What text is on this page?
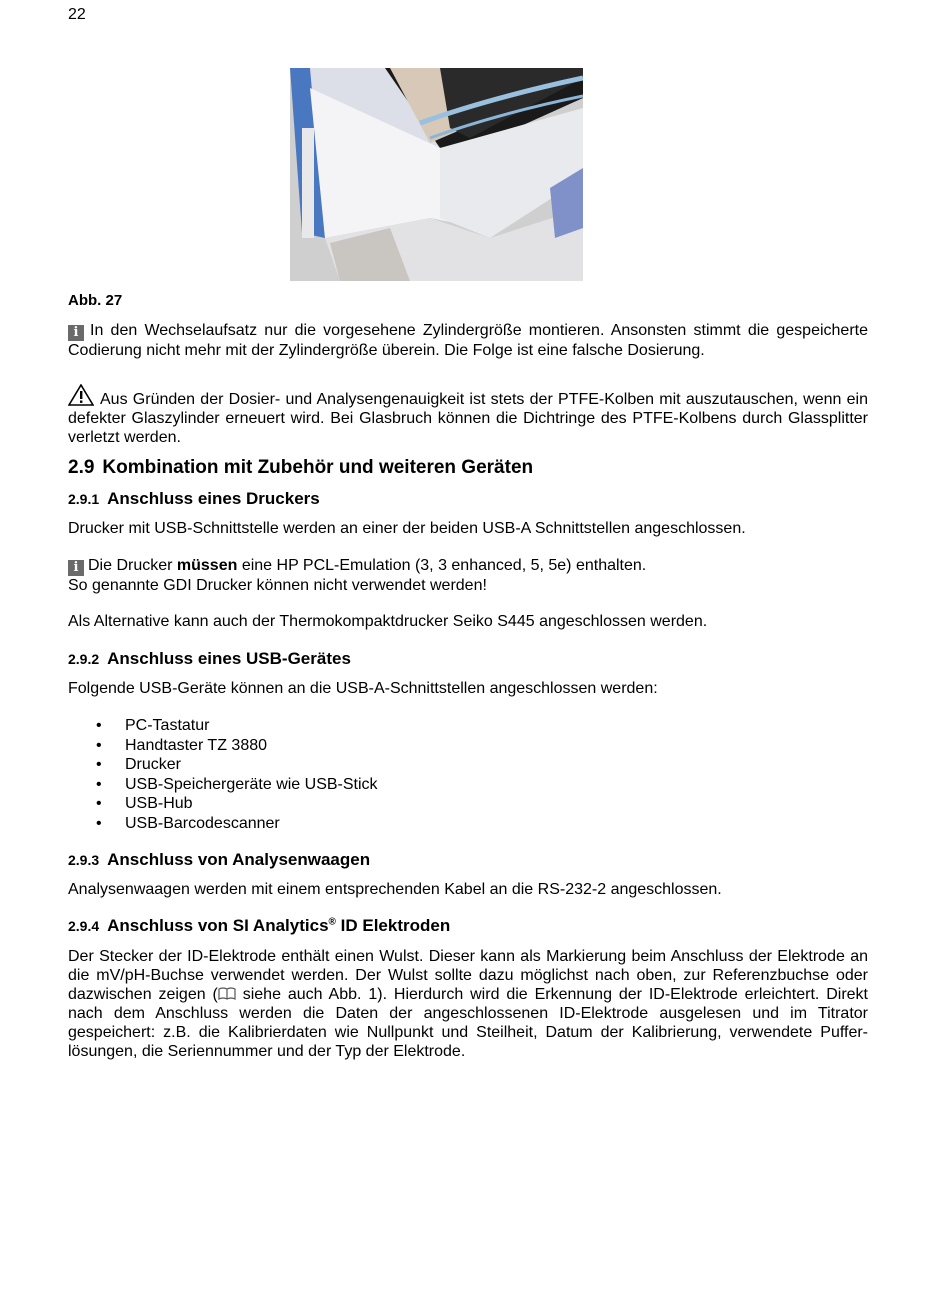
22
Abb. 27
i In den Wechselaufsatz nur die vorgesehene Zylindergröße montieren. Ansonsten stimmt die gespeicherte Codierung nicht mehr mit der Zylindergröße überein. Die Folge ist eine falsche Dosierung.
Aus Gründen der Dosier- und Analysengenauigkeit ist stets der PTFE-Kolben mit auszutauschen, wenn ein defekter Glaszylinder erneuert wird. Bei Glasbruch können die Dichtringe des PTFE-Kolbens durch Glassplitter verletzt werden.
2.9 Kombination mit Zubehör und weiteren Geräten
2.9.1 Anschluss eines Druckers
Drucker mit USB-Schnittstelle werden an einer der beiden USB-A Schnittstellen angeschlossen.
i Die Drucker müssen eine HP PCL-Emulation (3, 3 enhanced, 5, 5e) enthalten.
So genannte GDI Drucker können nicht verwendet werden!
Als Alternative kann auch der Thermokompaktdrucker Seiko S445 angeschlossen werden.
2.9.2 Anschluss eines USB-Gerätes
Folgende USB-Geräte können an die USB-A-Schnittstellen angeschlossen werden:
• PC-Tastatur
• Handtaster TZ 3880
• Drucker
• USB-Speichergeräte wie USB-Stick
• USB-Hub
• USB-Barcodescanner
2.9.3 Anschluss von Analysenwaagen
Analysenwaagen werden mit einem entsprechenden Kabel an die RS-232-2 angeschlossen.
2.9.4 Anschluss von SI Analytics® ID Elektroden
Der Stecker der ID-Elektrode enthält einen Wulst. Dieser kann als Markierung beim Anschluss der Elektrode an die mV/pH-Buchse verwendet werden. Der Wulst sollte dazu möglichst nach oben, zur Referenzbuchse oder dazwischen zeigen ( siehe auch Abb. 1). Hierdurch wird die Erkennung der ID-Elektrode erleichtert. Direkt nach dem Anschluss werden die Daten der angeschlossenen ID-Elektrode ausgelesen und im Titrator gespeichert: z.B. die Kalibrierdaten wie Nullpunkt und Steilheit, Datum der Kalibrierung, verwendete Puffer-lösungen, die Seriennummer und der Typ der Elektrode.
